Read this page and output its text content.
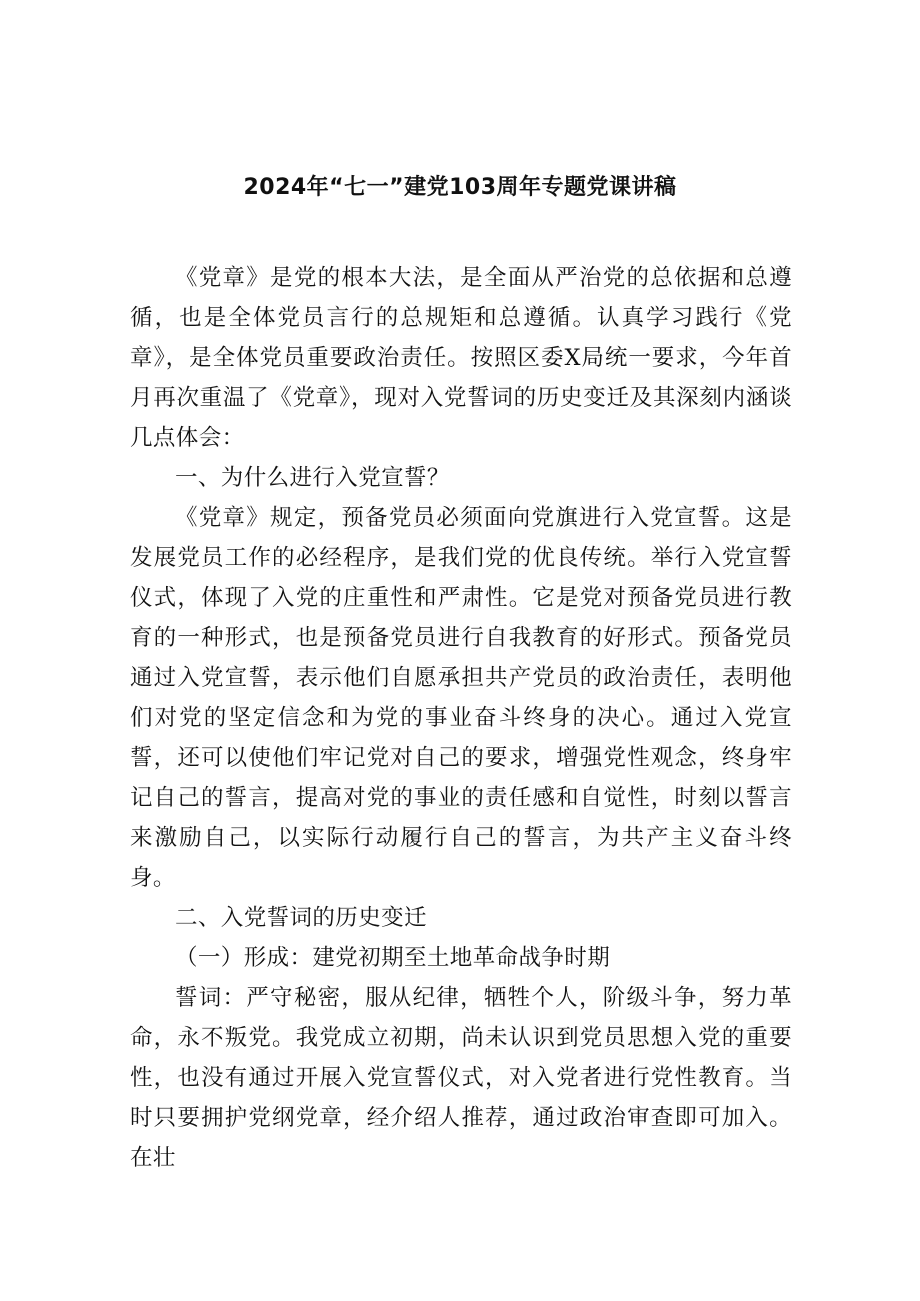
2024年“七一”建党103周年专题党课讲稿

《党章》是党的根本大法，是全面从严治党的总依据和总遵循，也是全体党员言行的总规矩和总遵循。认真学习践行《党章》，是全体党员重要政治责任。按照区委X局统一要求，今年首月再次重温了《党章》，现对入党誓词的历史变迁及其深刻内涵谈几点体会：

一、为什么进行入党宣誓？

《党章》规定，预备党员必须面向党旗进行入党宣誓。这是发展党员工作的必经程序，是我们党的优良传统。举行入党宣誓仪式，体现了入党的庄重性和严肃性。它是党对预备党员进行教育的一种形式，也是预备党员进行自我教育的好形式。预备党员通过入党宣誓，表示他们自愿承担共产党员的政治责任，表明他们对党的坚定信念和为党的事业奋斗终身的决心。通过入党宣誓，还可以使他们牢记党对自己的要求，增强党性观念，终身牢记自己的誓言，提高对党的事业的责任感和自觉性，时刻以誓言来激励自己，以实际行动履行自己的誓言，为共产主义奋斗终身。

二、入党誓词的历史变迁

（一）形成：建党初期至土地革命战争时期

誓词：严守秘密，服从纪律，牺牲个人，阶级斗争，努力革命，永不叛党。我党成立初期，尚未认识到党员思想入党的重要性，也没有通过开展入党宣誓仪式，对入党者进行党性教育。当时只要拥护党纲党章，经介绍人推荐，通过政治审查即可加入。在壮
